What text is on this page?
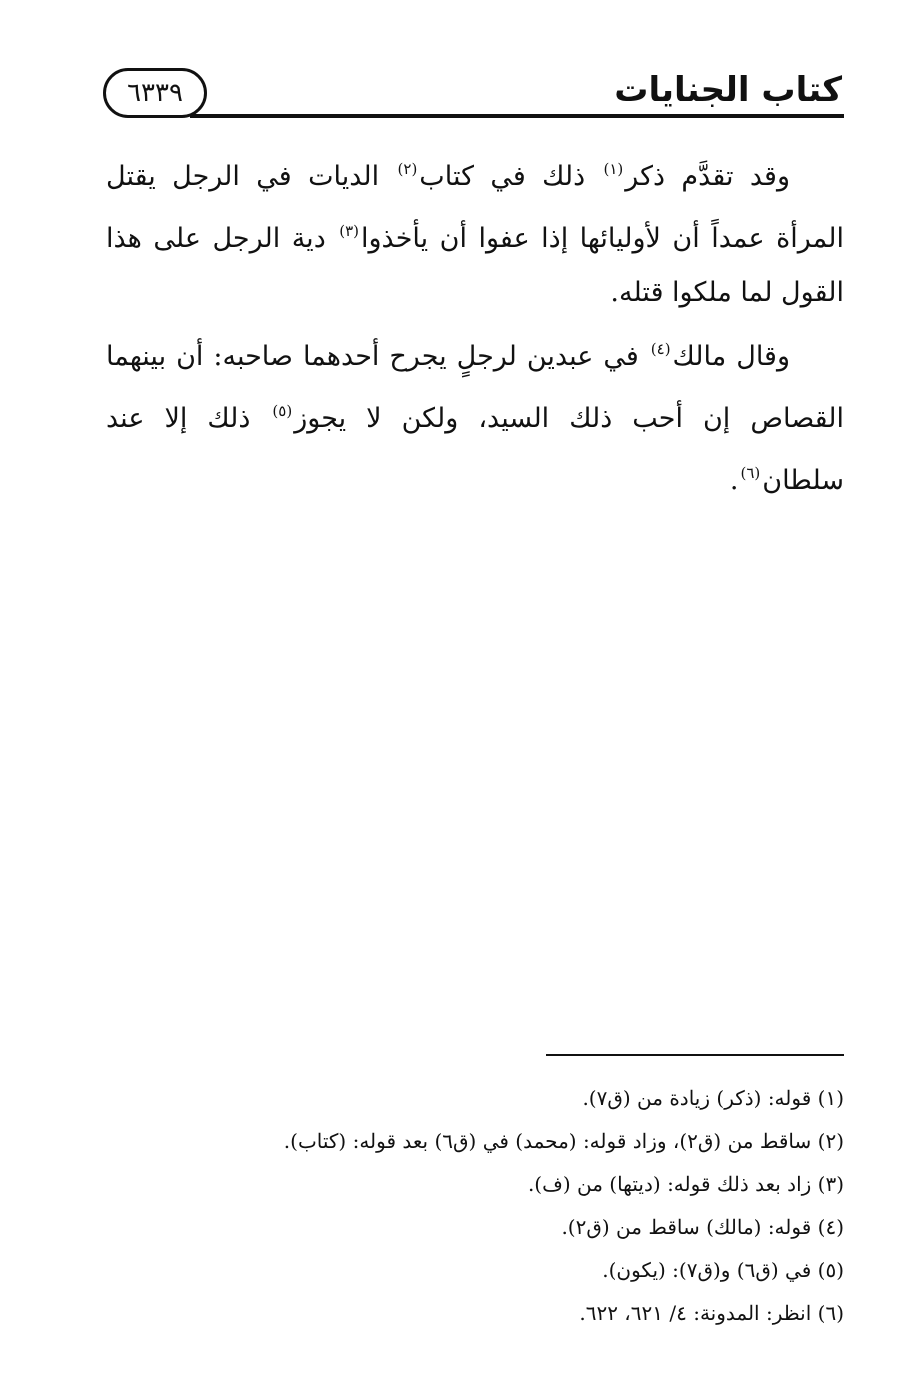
كتاب الجنايات
٦٣٣٩

وقد تقدَّم ذكر$^{(١)}$ ذلك في كتاب$^{(٢)}$ الديات في الرجل يقتل المرأة عمداً أن لأوليائها إذا عفوا أن يأخذوا$^{(٣)}$ دية الرجل على هذا القول لما ملكوا قتله.

وقال مالك$^{(٤)}$ في عبدين لرجلٍ يجرح أحدهما صاحبه: أن بينهما القصاص إن أحب ذلك السيد، ولكن لا يجوز$^{(٥)}$ ذلك إلا عند سلطان$^{(٦)}$.

(١) قوله: (ذكر) زيادة من (ق٧).
(٢) ساقط من (ق٢)، وزاد قوله: (محمد) في (ق٦) بعد قوله: (كتاب).
(٣) زاد بعد ذلك قوله: (ديتها) من (ف).
(٤) قوله: (مالك) ساقط من (ق٢).
(٥) في (ق٦) و(ق٧): (يكون).
(٦) انظر: المدونة: ٤/ ٦٢١، ٦٢٢.
